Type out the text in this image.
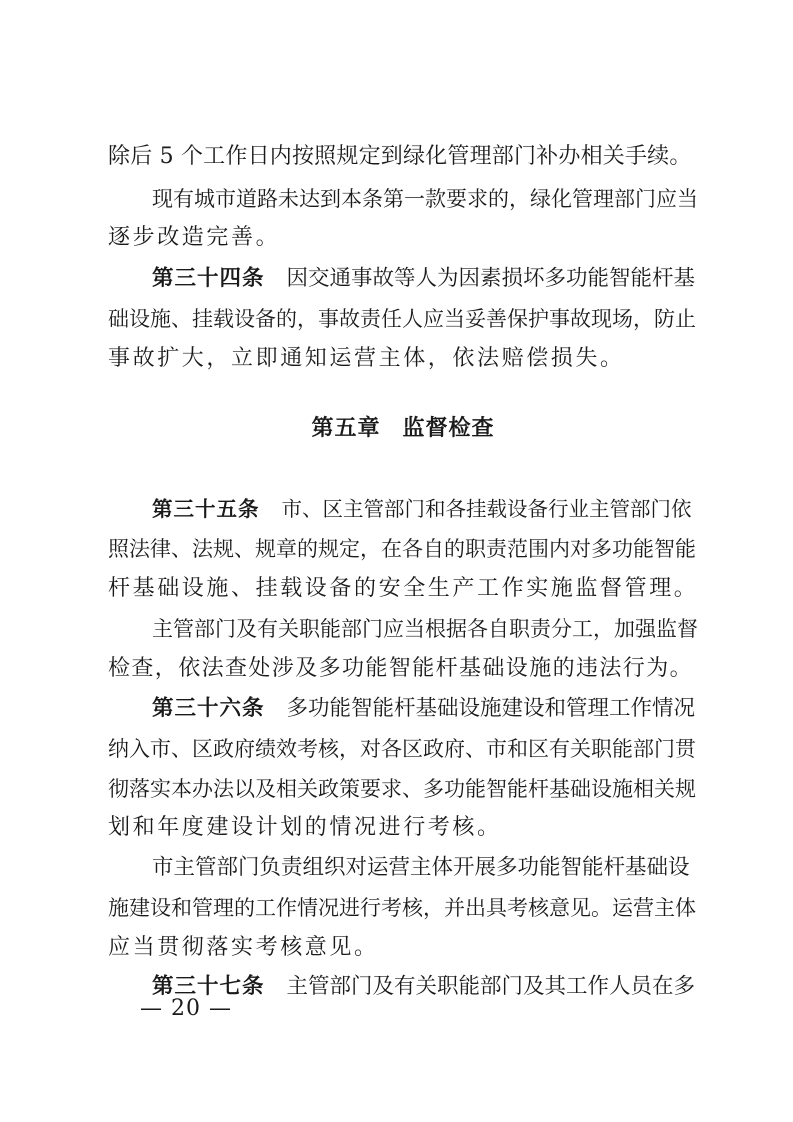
除后 5 个工作日内按照规定到绿化管理部门补办相关手续。
现有城市道路未达到本条第一款要求的，绿化管理部门应当
逐步改造完善。
第三十四条 因交通事故等人为因素损坏多功能智能杆基
础设施、挂载设备的，事故责任人应当妥善保护事故现场，防止
事故扩大，立即通知运营主体，依法赔偿损失。
第五章 监督检查
第三十五条 市、区主管部门和各挂载设备行业主管部门依
照法律、法规、规章的规定，在各自的职责范围内对多功能智能
杆基础设施、挂载设备的安全生产工作实施监督管理。
主管部门及有关职能部门应当根据各自职责分工，加强监督
检查，依法查处涉及多功能智能杆基础设施的违法行为。
第三十六条 多功能智能杆基础设施建设和管理工作情况
纳入市、区政府绩效考核，对各区政府、市和区有关职能部门贯
彻落实本办法以及相关政策要求、多功能智能杆基础设施相关规
划和年度建设计划的情况进行考核。
市主管部门负责组织对运营主体开展多功能智能杆基础设
施建设和管理的工作情况进行考核，并出具考核意见。运营主体
应当贯彻落实考核意见。
第三十七条 主管部门及有关职能部门及其工作人员在多
— 20 —
